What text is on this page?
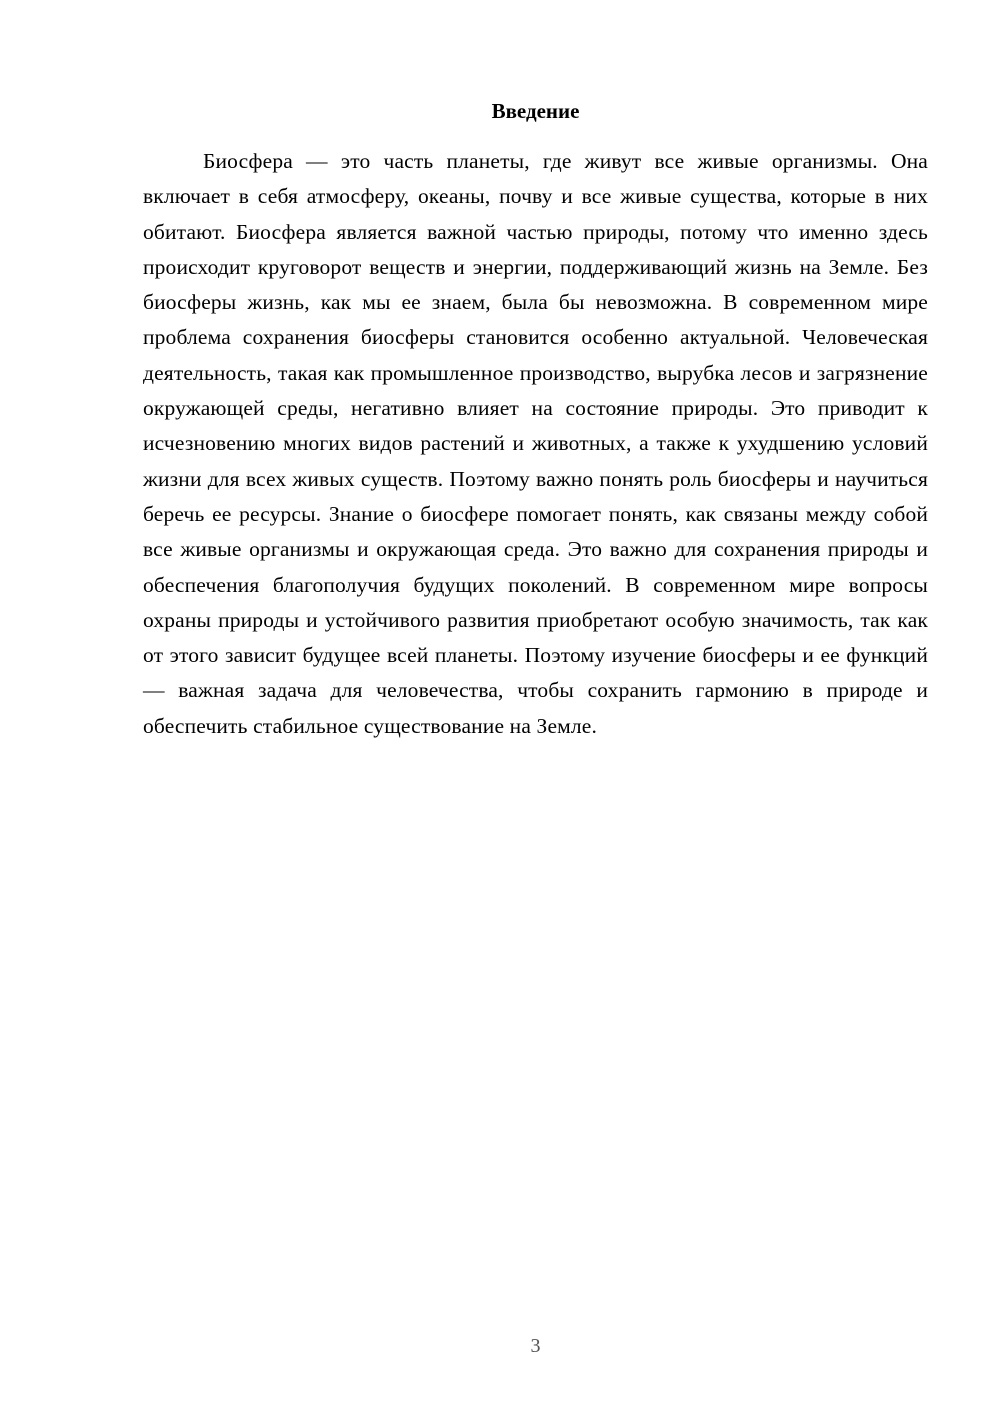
Введение

Биосфера — это часть планеты, где живут все живые организмы. Она включает в себя атмосферу, океаны, почву и все живые существа, которые в них обитают. Биосфера является важной частью природы, потому что именно здесь происходит круговорот веществ и энергии, поддерживающий жизнь на Земле. Без биосферы жизнь, как мы ее знаем, была бы невозможна. В современном мире проблема сохранения биосферы становится особенно актуальной. Человеческая деятельность, такая как промышленное производство, вырубка лесов и загрязнение окружающей среды, негативно влияет на состояние природы. Это приводит к исчезновению многих видов растений и животных, а также к ухудшению условий жизни для всех живых существ. Поэтому важно понять роль биосферы и научиться беречь ее ресурсы. Знание о биосфере помогает понять, как связаны между собой все живые организмы и окружающая среда. Это важно для сохранения природы и обеспечения благополучия будущих поколений. В современном мире вопросы охраны природы и устойчивого развития приобретают особую значимость, так как от этого зависит будущее всей планеты. Поэтому изучение биосферы и ее функций — важная задача для человечества, чтобы сохранить гармонию в природе и обеспечить стабильное существование на Земле.

3
